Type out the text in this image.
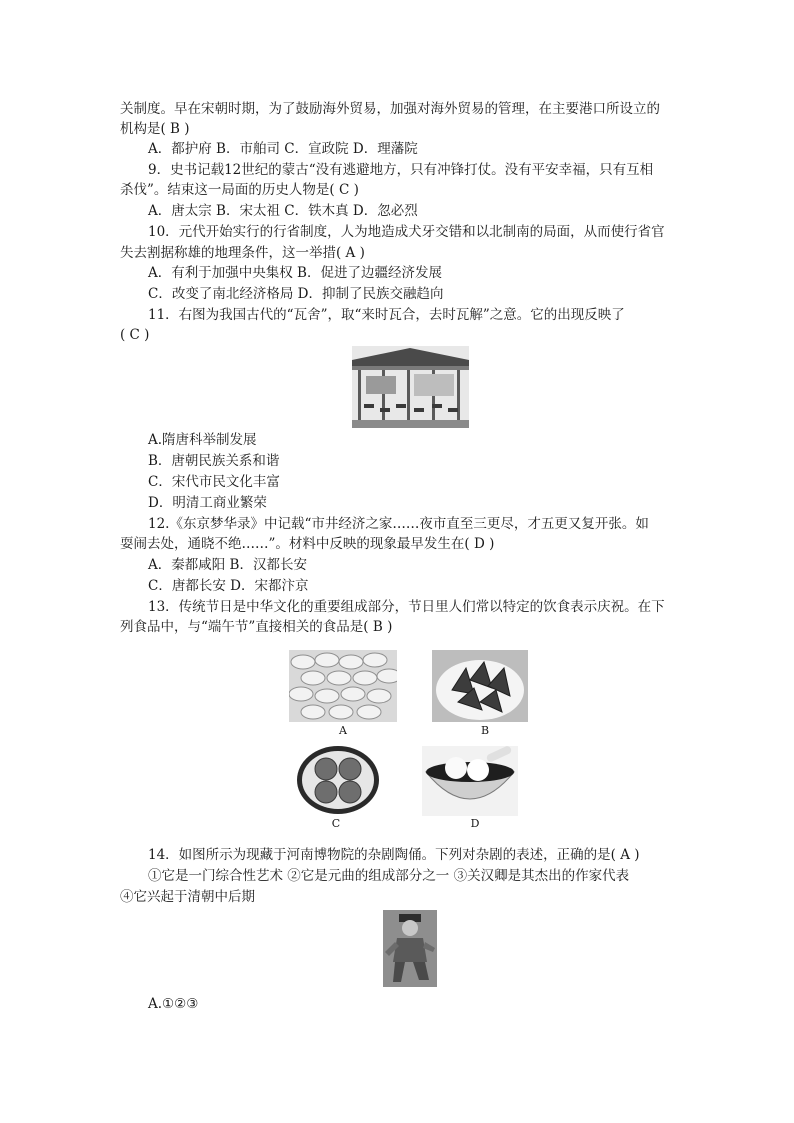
关制度。早在宋朝时期，为了鼓励海外贸易，加强对海外贸易的管理，在主要港口所设立的
机构是( B )
A．都护府 B．市舶司 C．宣政院 D．理藩院
9．史书记载12世纪的蒙古“没有逃避地方，只有冲锋打仗。没有平安幸福，只有互相
杀伐”。结束这一局面的历史人物是( C )
A．唐太宗 B．宋太祖 C．铁木真 D．忽必烈
10．元代开始实行的行省制度，人为地造成犬牙交错和以北制南的局面，从而使行省官
失去割据称雄的地理条件，这一举措( A )
A．有利于加强中央集权 B．促进了边疆经济发展
C．改变了南北经济格局 D．抑制了民族交融趋向
11．右图为我国古代的“瓦舍”，取“来时瓦合，去时瓦解”之意。它的出现反映了
( C )
A.隋唐科举制发展
B．唐朝民族关系和谐
C．宋代市民文化丰富
D．明清工商业繁荣
12.《东京梦华录》中记载“市井经济之家……夜市直至三更尽，才五更又复开张。如
耍闹去处，通晓不绝……”。材料中反映的现象最早发生在( D )
A．秦都咸阳 B．汉都长安
C．唐都长安 D．宋都汴京
13．传统节日是中华文化的重要组成部分，节日里人们常以特定的饮食表示庆祝。在下
列食品中，与“端午节”直接相关的食品是( B )
A	B
C	D
14．如图所示为现藏于河南博物院的杂剧陶俑。下列对杂剧的表述，正确的是( A )
①它是一门综合性艺术 ②它是元曲的组成部分之一 ③关汉卿是其杰出的作家代表
④它兴起于清朝中后期
A.①②③
